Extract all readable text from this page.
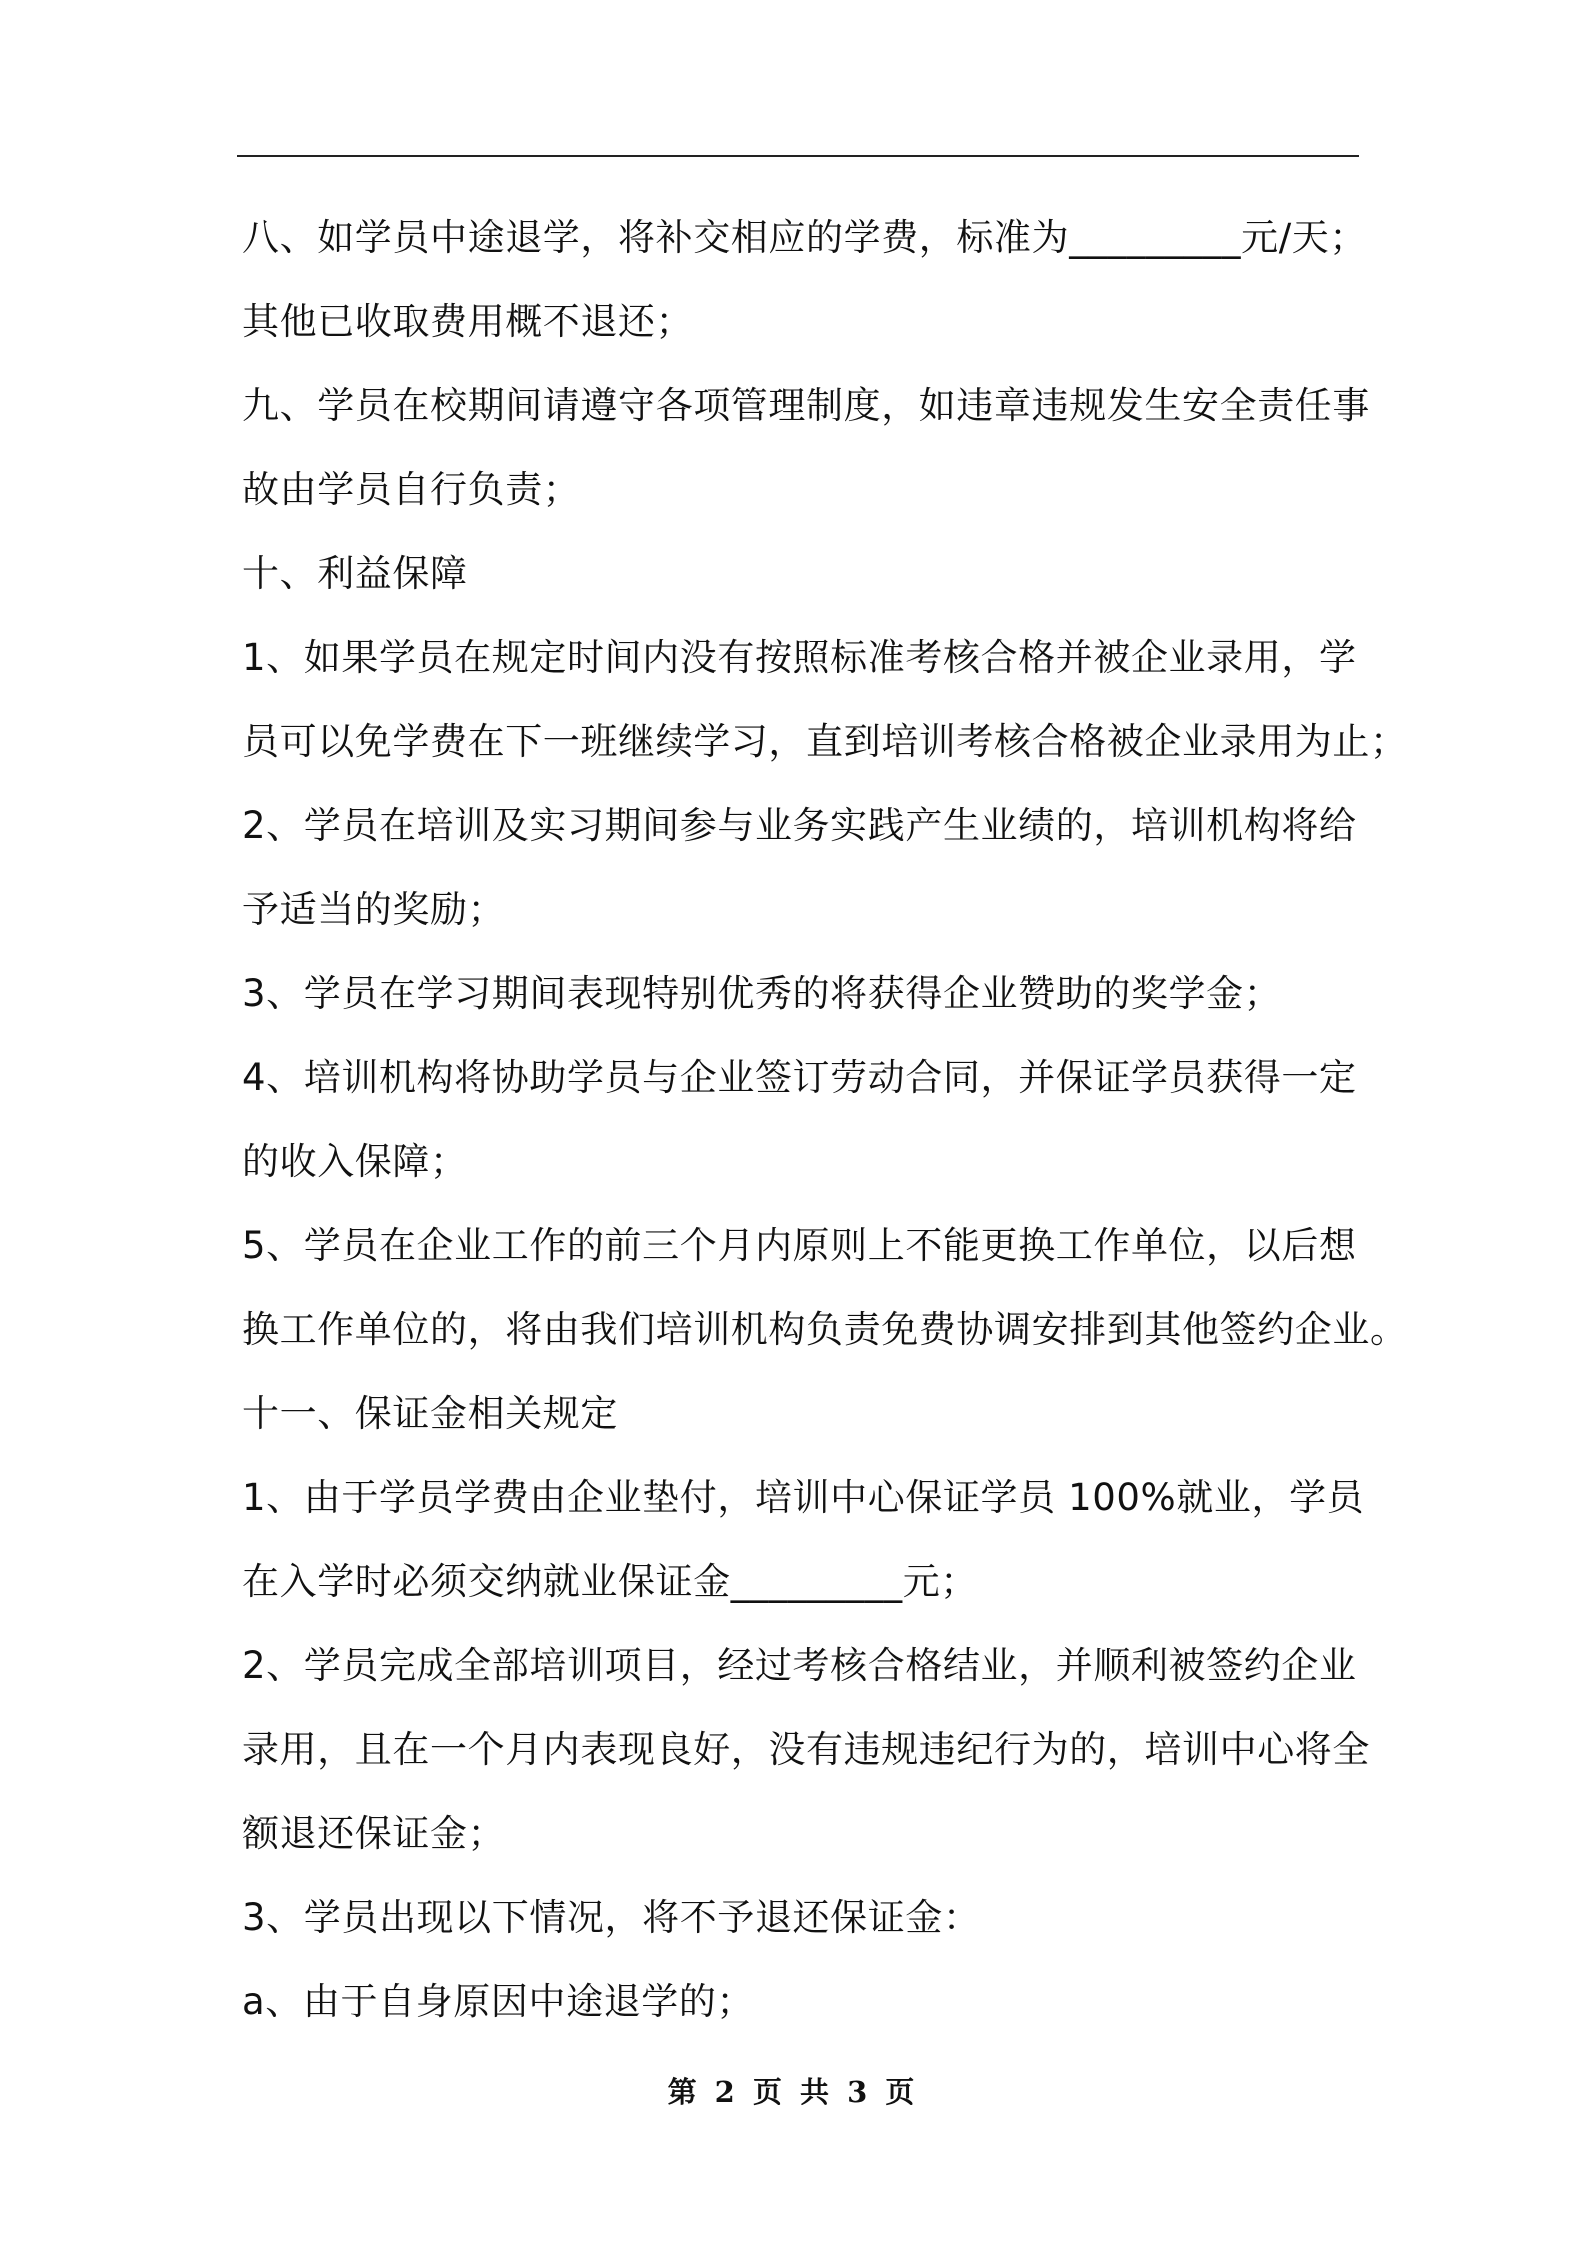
八、如学员中途退学，将补交相应的学费，标准为_________元/天；
其他已收取费用概不退还；
九、学员在校期间请遵守各项管理制度，如违章违规发生安全责任事
故由学员自行负责；
十、利益保障
1、如果学员在规定时间内没有按照标准考核合格并被企业录用，学
员可以免学费在下一班继续学习，直到培训考核合格被企业录用为止；
2、学员在培训及实习期间参与业务实践产生业绩的，培训机构将给
予适当的奖励；
3、学员在学习期间表现特别优秀的将获得企业赞助的奖学金；
4、培训机构将协助学员与企业签订劳动合同，并保证学员获得一定
的收入保障；
5、学员在企业工作的前三个月内原则上不能更换工作单位，以后想
换工作单位的，将由我们培训机构负责免费协调安排到其他签约企业。
十一、保证金相关规定
1、由于学员学费由企业垫付，培训中心保证学员 100%就业，学员
在入学时必须交纳就业保证金_________元；
2、学员完成全部培训项目，经过考核合格结业，并顺利被签约企业
录用，且在一个月内表现良好，没有违规违纪行为的，培训中心将全
额退还保证金；
3、学员出现以下情况，将不予退还保证金：
a、由于自身原因中途退学的；
第 2 页 共 3 页
